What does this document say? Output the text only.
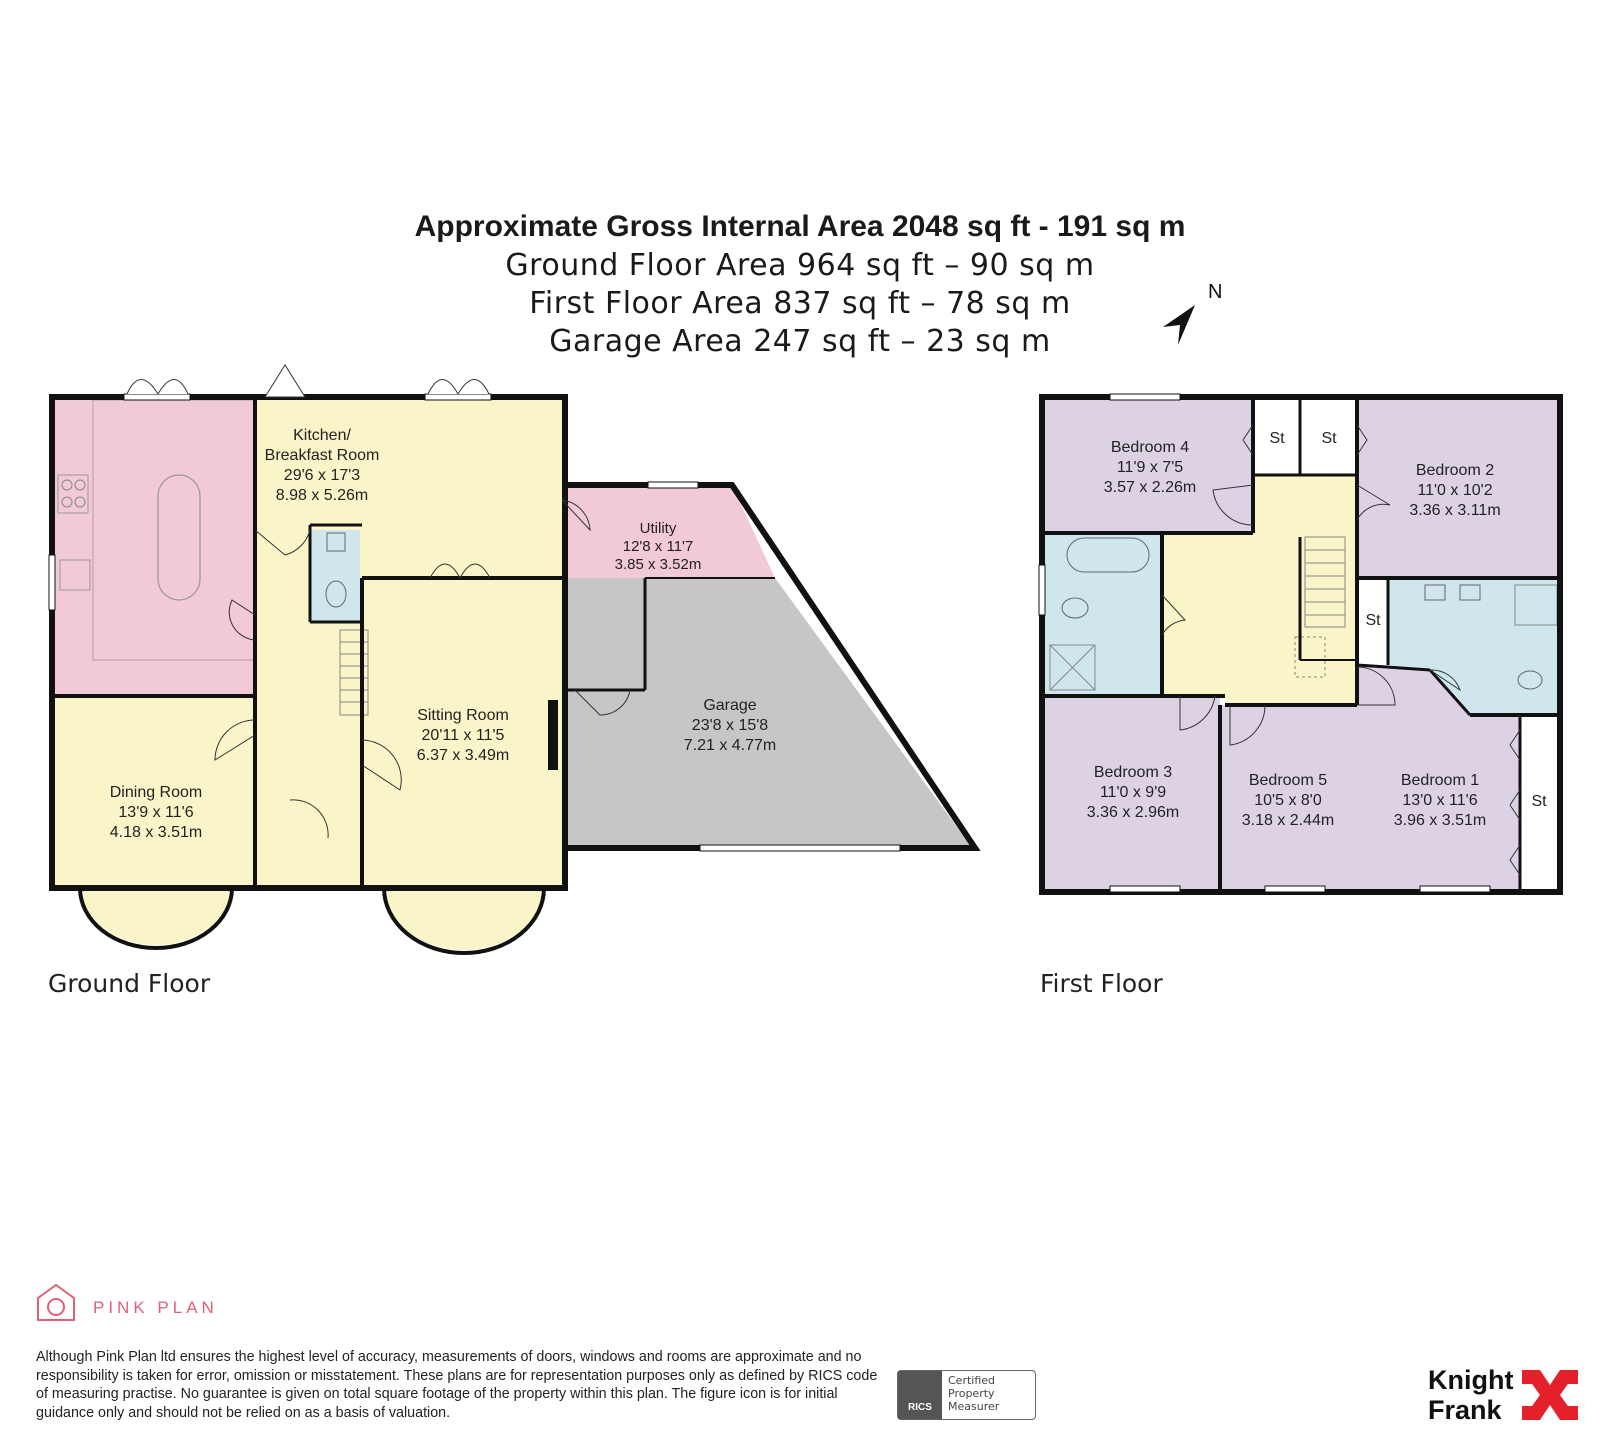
Approximate Gross Internal Area 2048 sq ft - 191 sq m
Ground Floor Area 964 sq ft – 90 sq m
First Floor Area 837 sq ft – 78 sq m
Garage Area 247 sq ft – 23 sq m
N
Kitchen/
Breakfast Room
29'6 x 17'3
8.98 x 5.26m
Utility
12'8 x 11'7
3.85 x 3.52m
Sitting Room
20'11 x 11'5
6.37 x 3.49m
Garage
23'8 x 15'8
7.21 x 4.77m
Dining Room
13'9 x 11'6
4.18 x 3.51m
Ground Floor
St St
St
St
Bedroom 4
11'9 x 7'5
3.57 x 2.26m
Bedroom 2
11'0 x 10'2
3.36 x 3.11m
Bedroom 3
11'0 x 9'9
3.36 x 2.96m
Bedroom 5
10'5 x 8'0
3.18 x 2.44m
Bedroom 1
13'0 x 11'6
3.96 x 3.51m
First Floor
PINK PLAN
Although Pink Plan ltd ensures the highest level of accuracy, measurements of doors, windows and rooms are approximate and no responsibility is taken for error, omission or misstatement. These plans are for representation purposes only as defined by RICS code of measuring practise. No guarantee is given on total square footage of the property within this plan. The figure icon is for initial guidance only and should not be relied on as a basis of valuation.	RICS
Certified
Property
Measurer
Knight
Frank
